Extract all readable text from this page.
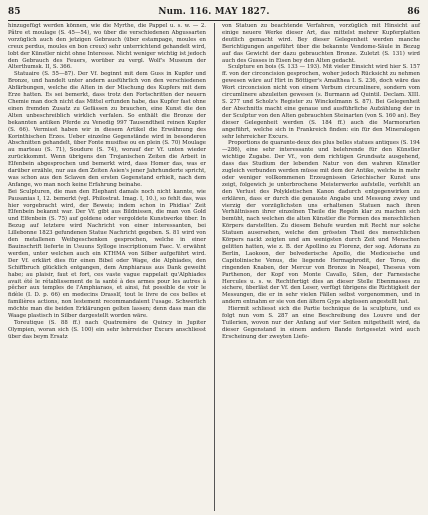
85	Num. 116. MAY 1827.	86

hinzugefügt werden können, wie die Myrthe, die Pappel u. s. w. — 2. Pâtre et moulage (S. 45—54), wo über die verschiedenen Abgussarten vorzüglich auch den jetzigen Gebrauch (über estampage, moules en creux perdus, moules en bon creux) sehr unterrichtend gehandelt wird, lobt der Künstler nicht ohne Interesse. Nicht weniger wichtig ist jedoch den Gebrauch des Feuers, worüber zu vergl. Wolf's Museum der Alterthumsk. II, S. 366.

Statuaire (S. 55—87). Der Vf. beginnt mit dem Guss in Kupfer und Bronze, und handelt unter andern ausführlich von den verschiedenen Abfärbungen, welche die Alten in der Mischung des Kupfers mit dem Erze hatten. Es sei bemerkt, dass trotz den Fortschritten der neuern Chemie man doch nicht das Mittel erfunden habe, das Kupfer fast ohne einen fremden Zusatz zu Gefässen zu brauchen, eine Kunst die den Alten unbeschreiblich wirklich verfalen. So enthält die Bronze der bekannten antiken Pferde zu Venedig 997 Tausendtheil reinen Kupfer (S. 66). Vermisst haben wir in diesem Artikel die Erwähnung des Korinthischen Erzes. Ueber einzelne Gegenstände wird in besonderen Abschnitten gehandelt, über Fonte musifise ou en plein (S. 70) Moulage au marteau (S. 71), Soudure (S. 74), worauf der Vf. unten wieder zurückkommt. Wenn übrigens den Trojanischen Zeiten die Arbeit in Elfenbein abgesprochen und bemerkt wird, dass Homer das, was er darüber erzähle, nur aus den Zeiten Asien's jener Jahrhunderte spricht, was schon aus den Sclaven den ersten Gegenstand erhielt, nach dem Anfange, wo man noch keine Erfahrung beinahe.

Bei Sculpturen, die man den Elephant damals noch nicht kannte, wie Pausanias I, 12. bemerkt (vgl. Philostrat. Imag. I, 10.), so fehlt das, was hier vorgebracht wird, der Beweis; indem schon in Phidias' Zeit Elfenbein bekannt war. Der Vf. gibt aus Bildnissen, die man von Gold und Elfenbein (S. 75) auf goldene oder vergoldete Kunstwerke über. In Bezug auf letztere wird Nachricht von einer interessanten, bei Lillebonne 1823 gefundenen Statue Nachricht gegeben. S. 81 wird von den metallenen Weihgeschenken gesprochen, welche in einer Bauinschrift lieferte in Usuuns Sylloge inscriptionum Faec. V. erwähnt werden, unter welchen auch ein KTHMA von Silber aufgeführt wird. Der Vf. erklärt dies für einen Bibel oder Wage, die Alphiades, den Schiffbruch glücklich entgangen, dem Amphiaraus aus Dank geweiht habe; au plaisir, faut et fort, ces vaste vague rappelait qu'Alphiades avait été le rétablissement de la santé à des armes pour les autres à pêcher aux temples de l'Amphiaraos, et ainsi, fut possible de voir le fidèle (I. D. p. 66) en medecins Drasslf, tout le livre de ces belles et familières actions, non lestement recommandaient l'usage. Schwerlich möchte man die beiden Erklärungen gelten lassen; denn dass man die Waage plastisch in Silber dargestellt worden wäre.

Toreutique (S. 88 ff.) nach Quatremère de Quincy in Jupiter Olympien, woran sich (S. 100) ein sehr lehrreicher Excurs anschliesst über das beym Ersatz

von Statuen zu beachtende Verfahren, vorzüglich mit Hinsicht auf einige neuere Werke dieser Art, das mittelst mehrer Kupferplatten deutlich gemacht wird. Bey dieser Gelegenheit werden manche Berichtigungen angeführt über die bekannte Vendome-Säule in Bezug auf das Gewicht der dazu gebrauchten Bronze. Zuletzt (S. 131) wird auch des Gusses in Eisen bey den Alten gedacht.

Sculpture en bois (S. 133 — 193). Mit vieler Einsicht wird hier S. 157 ff. von der circoncision gesprochen, woher jedoch Rücksicht zu nehmen gewesen wäre auf Hirt in Böttiger's Amalthea I. S. 236, doch wäre das Wort circoncision nicht von einem Verbum circumlinere, sondern vom circumlinere abzuleiten gewesen (s. Burmann ad Quintil. Declam. XIII. S. 277 und Scholz's Register zu Winckelmann S. 87). Bei Gelegenheit der Abschnitts macht eine genaue und ausführliche Aufzählung der in der Sculptur von den Alten gebrauchten Steinarten (von S. 160 an). Bey dieser Gelegenheit werden (S. 184 ff.) auch die Marmorarten angeführt, welche sich in Frankreich finden: ein für den Mineralogen sehr lehrreicher Excurs.

Proportions de quarante-deux des plus belles statues antiques (S. 194—286), eine sehr interessante und belehrende für den Künstler wichtige Zugabe. Der Vf., von dem richtigen Grundsatz ausgehend, dass das Studium der lebenden Natur von den wahren Künstler zugleich verbunden werden müsse mit dem der Antike, welche in mehr oder weniger vollkommenen Erzeugnissen Griechischer Kunst uns zeigt, folgewich je unterbrochene Meisterwerke aufstelle, verfehlt an den Verlust des Polykletischen Kanon dadurch entgegenwirken zu erklären, dass er durch die genauste Angabe und Messung zwey und vierzig der vorzüglichsten uns erhaltenen Statuen nach ihren Verhältnissen ihrer einzelnen Theile die Regeln klar zu machen sich bemüht, nach welchen die alten Künstler die Formen des menschlichen Körpers darstellten. Zu diesem Behufe wurden mit Recht nur solche Statuen ausersehen, welche den grössten Theil des menschlichen Körpers nackt zeigten und am wenigsten durch Zeit und Menschen gelitten hatten, wie z. B. der Apollino zu Florenz, der sog. Adorans zu Berlin, Laokoon, der belvederische Apollo, die Mediceische und Capitolinische Venus, die liegende Hermaphrodit, der Torso, die ringenden Knaben, der Mercur von Bronze in Neapel, Theseus vom Parthenon, der Kopf von Monte Cavallo, Silen, der Farnesische Hercules u. s. w. Rechtfertigt dies an dieser Stelle Ebenmasses zu sichere, überläst der Vf. den Leser, verfügt übrigens die Richtigkeit der Messungen, die er in sehr vielen Fällen selbst vorgenommen, und in andern entnahm er sie von den ältern Gyps abgüssen angestellt hat.

Hiermit schliesst sich die Partie technique de la sculpture, und es folgt nun vom S. 287 an eine Beschreibung des Louvre und der Tuilerien, wovon nur der Anfang auf vier Seiten mitgetheilt wird, da dieser Gegenstand in einem andern Bande fortgesetzt wird auch Erscheinung der zweyten Liefe-
